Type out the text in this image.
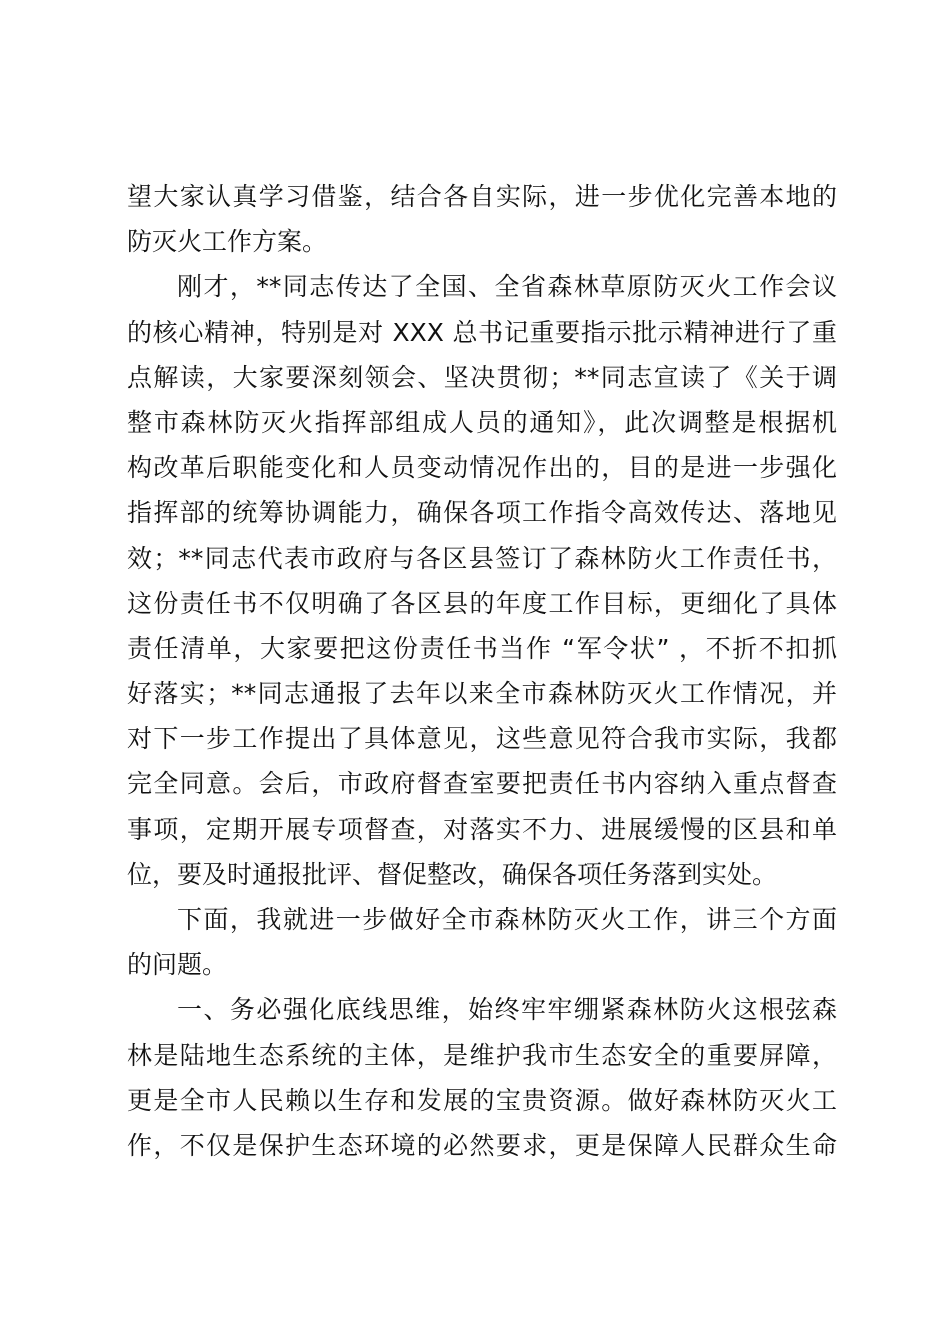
望大家认真学习借鉴，结合各自实际，进一步优化完善本地的
防灭火工作方案。
刚才，**同志传达了全国、全省森林草原防灭火工作会议
的核心精神，特别是对 XXX 总书记重要指示批示精神进行了重
点解读，大家要深刻领会、坚决贯彻；**同志宣读了《关于调
整市森林防灭火指挥部组成人员的通知》，此次调整是根据机
构改革后职能变化和人员变动情况作出的，目的是进一步强化
指挥部的统筹协调能力，确保各项工作指令高效传达、落地见
效；**同志代表市政府与各区县签订了森林防火工作责任书，
这份责任书不仅明确了各区县的年度工作目标，更细化了具体
责任清单，大家要把这份责任书当作 “军令状” ，不折不扣抓
好落实；**同志通报了去年以来全市森林防灭火工作情况，并
对下一步工作提出了具体意见，这些意见符合我市实际，我都
完全同意。会后，市政府督查室要把责任书内容纳入重点督查
事项，定期开展专项督查，对落实不力、进展缓慢的区县和单
位，要及时通报批评、督促整改，确保各项任务落到实处。
下面，我就进一步做好全市森林防灭火工作，讲三个方面
的问题。
一、务必强化底线思维，始终牢牢绷紧森林防火这根弦森
林是陆地生态系统的主体，是维护我市生态安全的重要屏障，
更是全市人民赖以生存和发展的宝贵资源。做好森林防灭火工
作，不仅是保护生态环境的必然要求，更是保障人民群众生命
